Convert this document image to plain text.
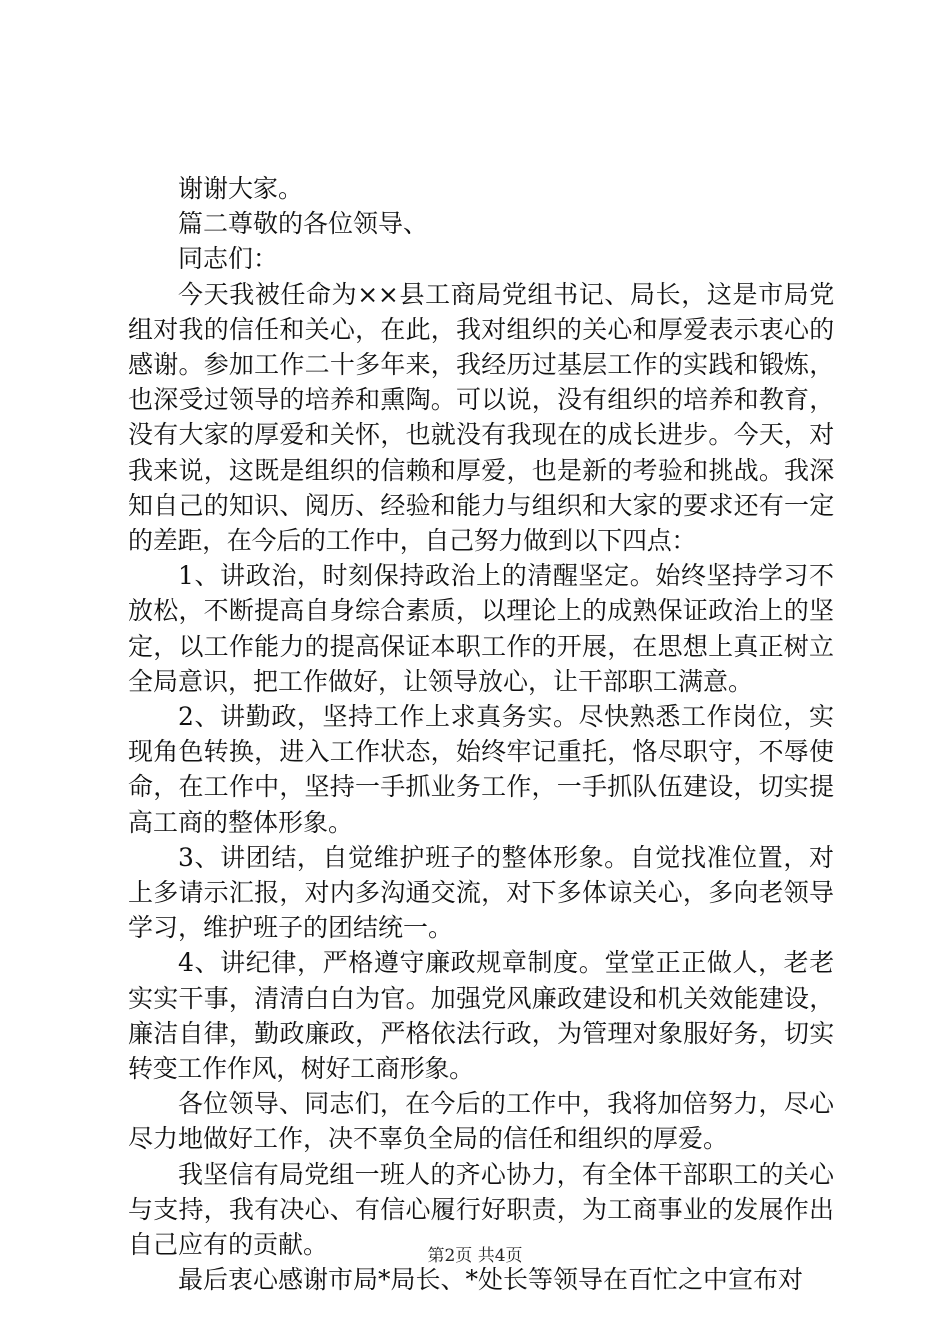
谢谢大家。

篇二尊敬的各位领导、

同志们：

今天我被任命为××县工商局党组书记、局长，这是市局党组对我的信任和关心，在此，我对组织的关心和厚爱表示衷心的感谢。参加工作二十多年来，我经历过基层工作的实践和锻炼，也深受过领导的培养和熏陶。可以说，没有组织的培养和教育，没有大家的厚爱和关怀，也就没有我现在的成长进步。今天，对我来说，这既是组织的信赖和厚爱，也是新的考验和挑战。我深知自己的知识、阅历、经验和能力与组织和大家的要求还有一定的差距，在今后的工作中，自己努力做到以下四点：

1、讲政治，时刻保持政治上的清醒坚定。始终坚持学习不放松，不断提高自身综合素质，以理论上的成熟保证政治上的坚定，以工作能力的提高保证本职工作的开展，在思想上真正树立全局意识，把工作做好，让领导放心，让干部职工满意。

2、讲勤政，坚持工作上求真务实。尽快熟悉工作岗位，实现角色转换，进入工作状态，始终牢记重托，恪尽职守，不辱使命，在工作中，坚持一手抓业务工作，一手抓队伍建设，切实提高工商的整体形象。

3、讲团结，自觉维护班子的整体形象。自觉找准位置，对上多请示汇报，对内多沟通交流，对下多体谅关心，多向老领导学习，维护班子的团结统一。

4、讲纪律，严格遵守廉政规章制度。堂堂正正做人，老老实实干事，清清白白为官。加强党风廉政建设和机关效能建设，廉洁自律，勤政廉政，严格依法行政，为管理对象服好务，切实转变工作作风，树好工商形象。

各位领导、同志们，在今后的工作中，我将加倍努力，尽心尽力地做好工作，决不辜负全局的信任和组织的厚爱。

我坚信有局党组一班人的齐心协力，有全体干部职工的关心与支持，我有决心、有信心履行好职责，为工商事业的发展作出自己应有的贡献。

最后衷心感谢市局*局长、*处长等领导在百忙之中宣布对

第2页 共4页
